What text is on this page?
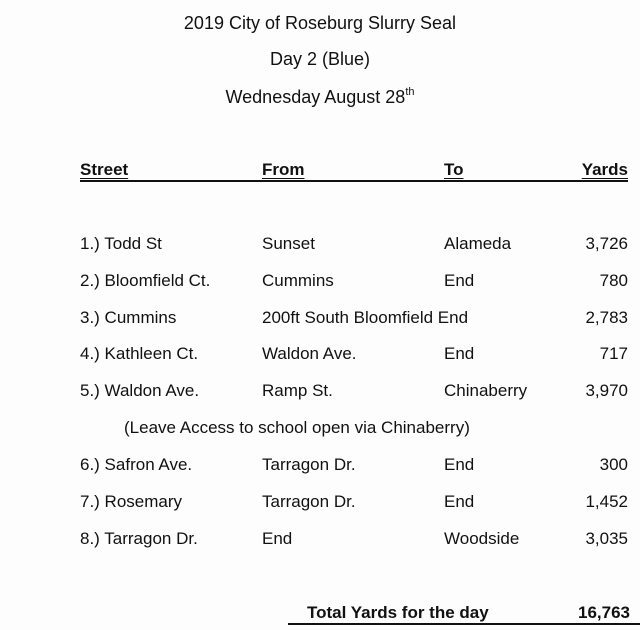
2019 City of Roseburg Slurry Seal
Day 2 (Blue)
Wednesday August 28th
Street	From	To	Yards
1.) Todd St	Sunset	Alameda	3,726
2.) Bloomfield Ct.	Cummins	End	780
3.) Cummins	200ft South Bloomfield End	2,783
4.) Kathleen Ct.	Waldon Ave.	End	717
5.) Waldon Ave.	Ramp St.	Chinaberry	3,970
(Leave Access to school open via Chinaberry)
6.) Safron Ave.	Tarragon Dr.	End	300
7.) Rosemary	Tarragon Dr.	End	1,452
8.) Tarragon Dr.	End	Woodside	3,035
Total Yards for the day	16,763
